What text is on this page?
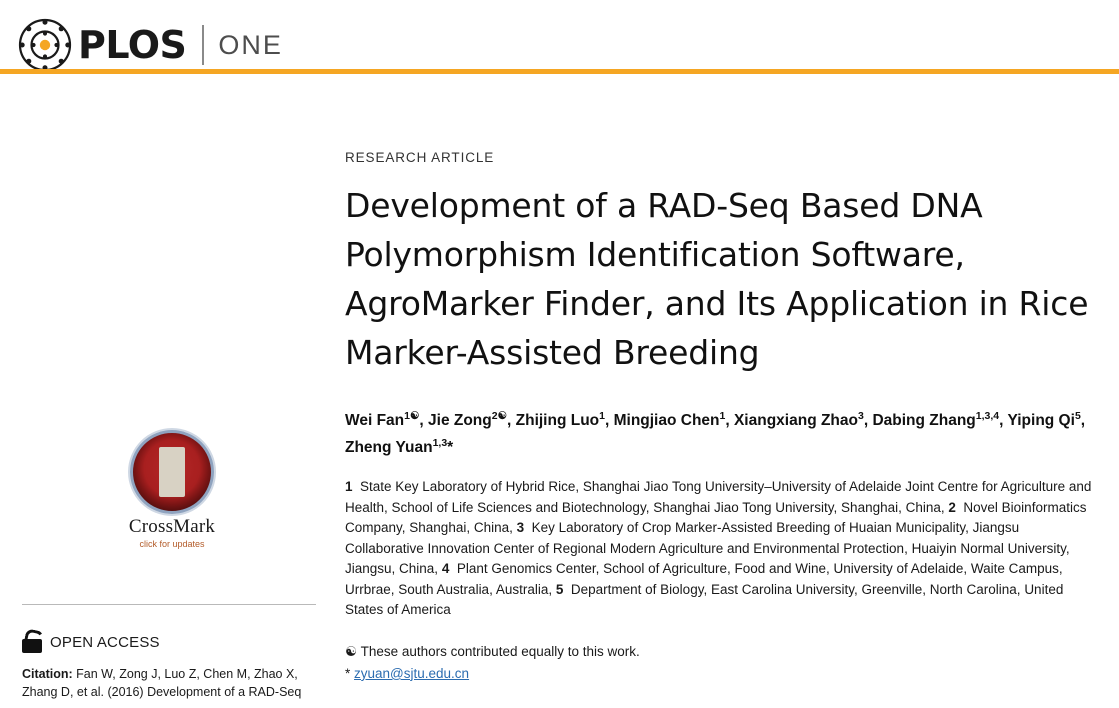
PLOS ONE
CrossMark
click for updates
OPEN ACCESS
Citation: Fan W, Zong J, Luo Z, Chen M, Zhao X, Zhang D, et al. (2016) Development of a RAD-Seq
RESEARCH ARTICLE
Development of a RAD-Seq Based DNA Polymorphism Identification Software, AgroMarker Finder, and Its Application in Rice Marker-Assisted Breeding
Wei Fan$^{1☯}$, Jie Zong$^{2☯}$, Zhijing Luo$^1$, Mingjiao Chen$^1$, Xiangxiang Zhao$^3$, Dabing Zhang$^{1,3,4}$, Yiping Qi$^5$, Zheng Yuan$^{1,3}$*
1  State Key Laboratory of Hybrid Rice, Shanghai Jiao Tong University–University of Adelaide Joint Centre for Agriculture and Health, School of Life Sciences and Biotechnology, Shanghai Jiao Tong University, Shanghai, China, 2  Novel Bioinformatics Company, Shanghai, China, 3  Key Laboratory of Crop Marker-Assisted Breeding of Huaian Municipality, Jiangsu Collaborative Innovation Center of Regional Modern Agriculture and Environmental Protection, Huaiyin Normal University, Jiangsu, China, 4  Plant Genomics Center, School of Agriculture, Food and Wine, University of Adelaide, Waite Campus, Urrbrae, South Australia, Australia, 5  Department of Biology, East Carolina University, Greenville, North Carolina, United States of America
☯ These authors contributed equally to this work.
* zyuan@sjtu.edu.cn
